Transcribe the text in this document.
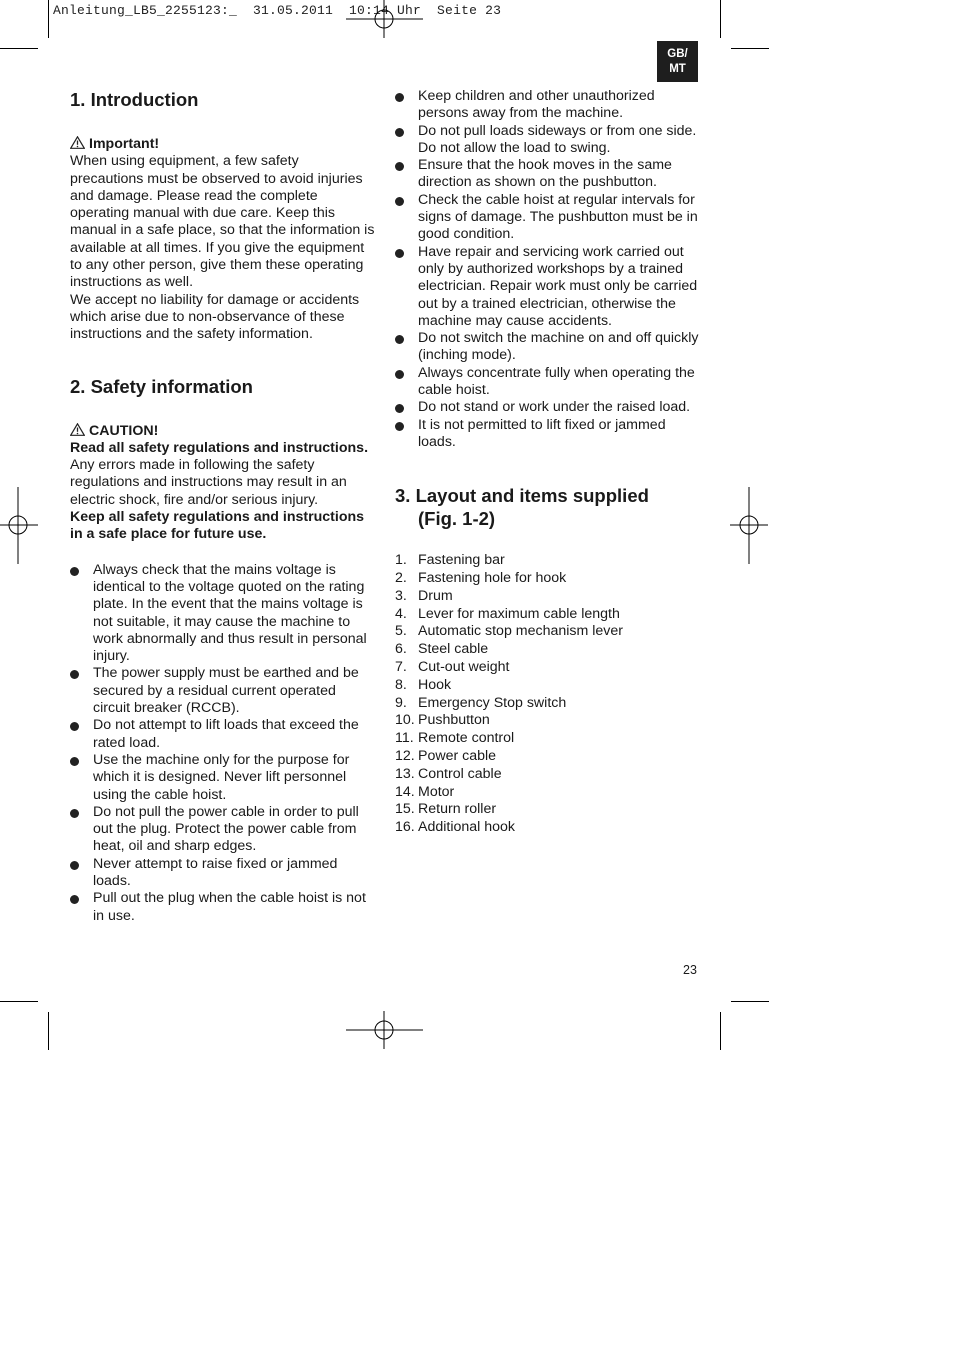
Anleitung_LB5_2255123:_  31.05.2011  10:14 Uhr  Seite 23
GB/
MT
1. Introduction

Important!

When using equipment, a few safety precautions must be observed to avoid injuries and damage. Please read the complete operating manual with due care. Keep this manual in a safe place, so that the information is available at all times. If you give the equipment to any other person, give them these operating instructions as well.

We accept no liability for damage or accidents which arise due to non-observance of these instructions and the safety information.

2. Safety information

CAUTION!

Read all safety regulations and instructions.

Any errors made in following the safety regulations and instructions may result in an electric shock, fire and/or serious injury.

Keep all safety regulations and instructions in a safe place for future use.

Always check that the mains voltage is identical to the voltage quoted on the rating plate. In the event that the mains voltage is not suitable, it may cause the machine to work abnormally and thus result in personal injury.
The power supply must be earthed and be secured by a residual current operated circuit breaker (RCCB).
Do not attempt to lift loads that exceed the rated load.
Use the machine only for the purpose for which it is designed. Never lift personnel using the cable hoist.
Do not pull the power cable in order to pull out the plug. Protect the power cable from heat, oil and sharp edges.
Never attempt to raise fixed or jammed loads.
Pull out the plug when the cable hoist is not in use.
Keep children and other unauthorized persons away from the machine.
Do not pull loads sideways or from one side. Do not allow the load to swing.
Ensure that the hook moves in the same direction as shown on the pushbutton.
Check the cable hoist at regular intervals for signs of damage. The pushbutton must be in good condition.
Have repair and servicing work carried out only by authorized workshops by a trained electrician. Repair work must only be carried out by a trained electrician, otherwise the machine may cause accidents.
Do not switch the machine on and off quickly (inching mode).
Always concentrate fully when operating the cable hoist.
Do not stand or work under the raised load.
It is not permitted to lift fixed or jammed loads.
3. Layout and items supplied
(Fig. 1-2)
1. Fastening bar
2. Fastening hole for hook
3. Drum
4. Lever for maximum cable length
5. Automatic stop mechanism lever
6. Steel cable
7. Cut-out weight
8. Hook
9. Emergency Stop switch
10. Pushbutton
11. Remote control
12. Power cable
13. Control cable
14. Motor
15. Return roller
16. Additional hook
23
